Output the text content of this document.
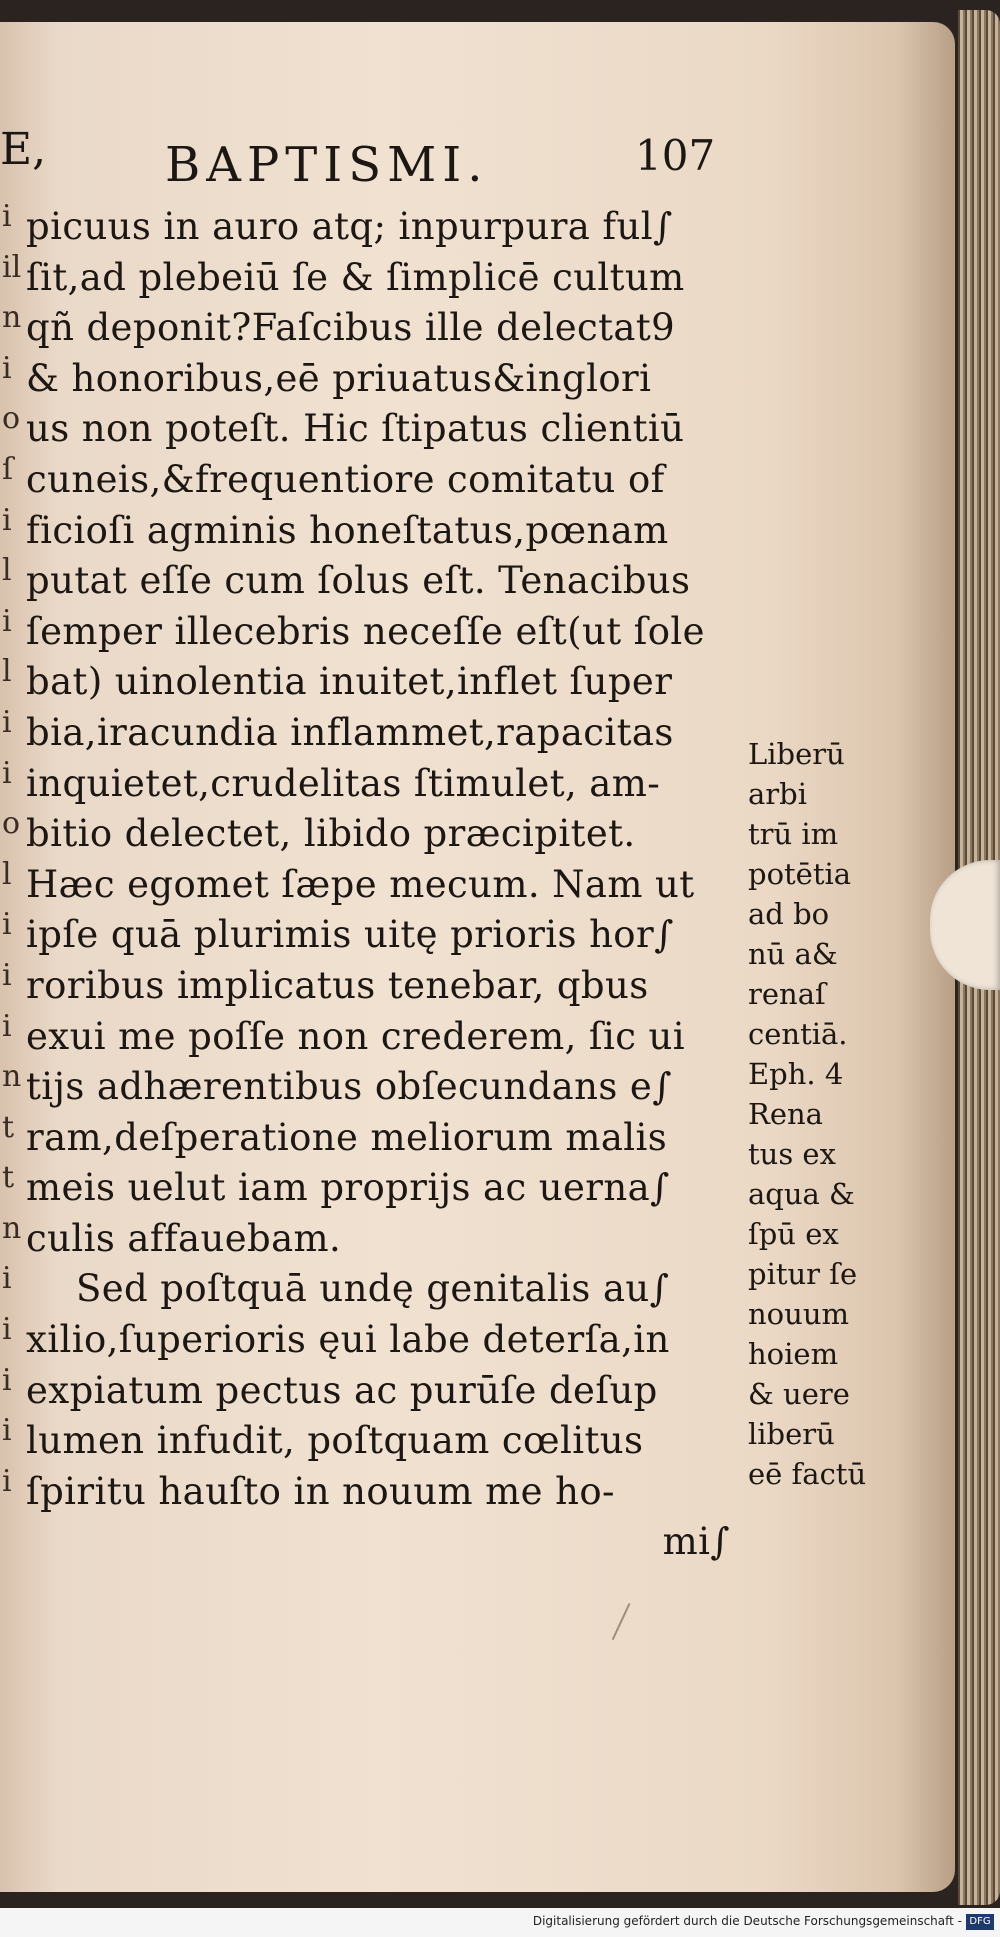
E, BAPTISMI.	107
i
il
n
i
o
ſ
i
l
i
l
i
i
o
l
i
i
i
n
t
t
n
i
i
i
i
i
picuus in auro atq; inpurpura ful∫
ſit,ad plebeiū ſe & ſimplicē cultum
qñ deponit?Faſcibus ille delectat9
& honoribus,eē priuatus&inglori
us non poteſt. Hic ſtipatus clientiū
cuneis,&frequentiore comitatu of
ficioſi agminis honeſtatus,pœnam
putat eſſe cum ſolus eſt. Tenacibus
ſemper illecebris neceſſe eſt(ut ſole
bat) uinolentia inuitet,inflet ſuper
bia,iracundia inflammet,rapacitas
inquietet,crudelitas ſtimulet, am-
bitio delectet, libido præcipitet.
Hæc egomet ſæpe mecum. Nam ut
ipſe quā plurimis uitę prioris hor∫
roribus implicatus tenebar, qbus
exui me poſſe non crederem, ſic ui
tijs adhærentibus obſecundans e∫
ram,deſperatione meliorum malis
meis uelut iam proprijs ac uerna∫
culis affauebam.
Sed poſtquā undę genitalis au∫
xilio,ſuperioris ęui labe deterſa,in
expiatum pectus ac purūſe deſup
lumen infudit, poſtquam cœlitus
ſpiritu hauſto in nouum me ho-
mi∫
Liberū
arbi
trū im
potētia
ad bo
nū a&
renaſ
centiā.
Eph. 4
Rena
tus ex
aqua &
ſpū ex
pitur ſe
nouum
hoiem
& uere
liberū
eē factū
Digitalisierung gefördert durch die Deutsche Forschungsgemeinschaft - DFG
